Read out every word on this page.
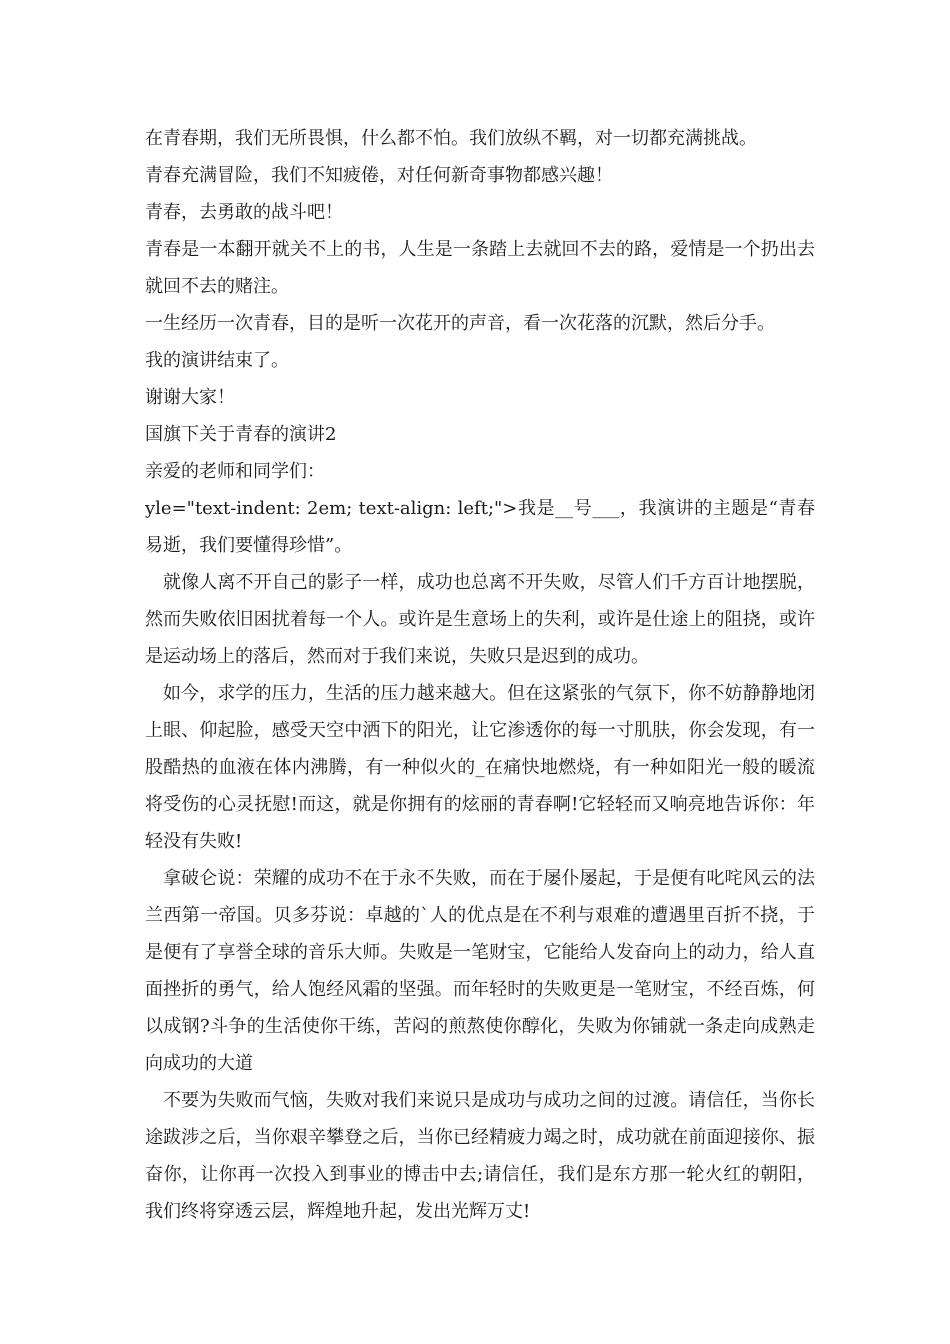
在青春期，我们无所畏惧，什么都不怕。我们放纵不羁，对一切都充满挑战。

青春充满冒险，我们不知疲倦，对任何新奇事物都感兴趣！

青春，去勇敢的战斗吧！

青春是一本翻开就关不上的书，人生是一条踏上去就回不去的路，爱情是一个扔出去就回不去的赌注。

一生经历一次青春，目的是听一次花开的声音，看一次花落的沉默，然后分手。

我的演讲结束了。

谢谢大家！

国旗下关于青春的演讲2

亲爱的老师和同学们：

yle="text-indent: 2em; text-align: left;">我是__号___，我演讲的主题是“青春易逝，我们要懂得珍惜”。

就像人离不开自己的影子一样，成功也总离不开失败，尽管人们千方百计地摆脱，然而失败依旧困扰着每一个人。或许是生意场上的失利，或许是仕途上的阻挠，或许是运动场上的落后，然而对于我们来说，失败只是迟到的成功。

如今，求学的压力，生活的压力越来越大。但在这紧张的气氛下，你不妨静静地闭上眼、仰起脸，感受天空中洒下的阳光，让它渗透你的每一寸肌肤，你会发现，有一股酷热的血液在体内沸腾，有一种似火的_在痛快地燃烧，有一种如阳光一般的暖流将受伤的心灵抚慰!而这，就是你拥有的炫丽的青春啊!它轻轻而又响亮地告诉你：年轻没有失败!

拿破仑说：荣耀的成功不在于永不失败，而在于屡仆屡起，于是便有叱咤风云的法兰西第一帝国。贝多芬说：卓越的`人的优点是在不利与艰难的遭遇里百折不挠，于是便有了享誉全球的音乐大师。失败是一笔财宝，它能给人发奋向上的动力，给人直面挫折的勇气，给人饱经风霜的坚强。而年轻时的失败更是一笔财宝，不经百炼，何以成钢?斗争的生活使你干练，苦闷的煎熬使你醇化，失败为你铺就一条走向成熟走向成功的大道

不要为失败而气恼，失败对我们来说只是成功与成功之间的过渡。请信任，当你长途跋涉之后，当你艰辛攀登之后，当你已经精疲力竭之时，成功就在前面迎接你、振奋你，让你再一次投入到事业的博击中去;请信任，我们是东方那一轮火红的朝阳，我们终将穿透云层，辉煌地升起，发出光辉万丈!
